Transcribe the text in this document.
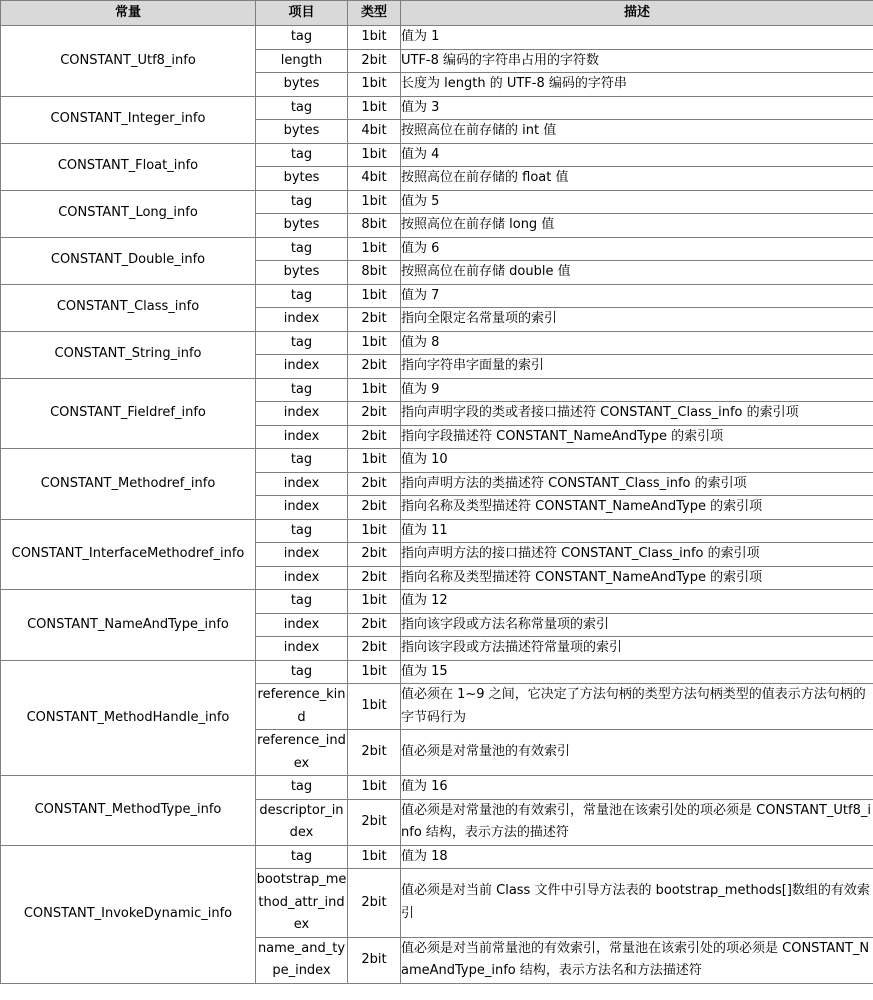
常量	项目	类型	描述
CONSTANT_Utf8_info	tag	1bit	值为 1
	length	2bit	UTF-8 编码的字符串占用的字符数
	bytes	1bit	长度为 length 的 UTF-8 编码的字符串
CONSTANT_Integer_info	tag	1bit	值为 3
	bytes	4bit	按照高位在前存储的 int 值
CONSTANT_Float_info	tag	1bit	值为 4
	bytes	4bit	按照高位在前存储的 float 值
CONSTANT_Long_info	tag	1bit	值为 5
	bytes	8bit	按照高位在前存储 long 值
CONSTANT_Double_info	tag	1bit	值为 6
	bytes	8bit	按照高位在前存储 double 值
CONSTANT_Class_info	tag	1bit	值为 7
	index	2bit	指向全限定名常量项的索引
CONSTANT_String_info	tag	1bit	值为 8
	index	2bit	指向字符串字面量的索引
CONSTANT_Fieldref_info	tag	1bit	值为 9
	index	2bit	指向声明字段的类或者接口描述符 CONSTANT_Class_info 的索引项
	index	2bit	指向字段描述符 CONSTANT_NameAndType 的索引项
CONSTANT_Methodref_info	tag	1bit	值为 10
	index	2bit	指向声明方法的类描述符 CONSTANT_Class_info 的索引项
	index	2bit	指向名称及类型描述符 CONSTANT_NameAndType 的索引项
CONSTANT_InterfaceMethodref_info	tag	1bit	值为 11
	index	2bit	指向声明方法的接口描述符 CONSTANT_Class_info 的索引项
	index	2bit	指向名称及类型描述符 CONSTANT_NameAndType 的索引项
CONSTANT_NameAndType_info	tag	1bit	值为 12
	index	2bit	指向该字段或方法名称常量项的索引
	index	2bit	指向该字段或方法描述符常量项的索引
CONSTANT_MethodHandle_info	tag	1bit	值为 15
	reference_kind	1bit	值必须在 1~9 之间，它决定了方法句柄的类型方法句柄类型的值表示方法句柄的字节码行为
	reference_index	2bit	值必须是对常量池的有效索引
CONSTANT_MethodType_info	tag	1bit	值为 16
	descriptor_index	2bit	值必须是对常量池的有效索引，常量池在该索引处的项必须是 CONSTANT_Utf8_info 结构，表示方法的描述符
CONSTANT_InvokeDynamic_info	tag	1bit	值为 18
	bootstrap_method_attr_index	2bit	值必须是对当前 Class 文件中引导方法表的 bootstrap_methods[]数组的有效索引
	name_and_type_index	2bit	值必须是对当前常量池的有效索引，常量池在该索引处的项必须是 CONSTANT_NameAndType_info 结构，表示方法名和方法描述符
